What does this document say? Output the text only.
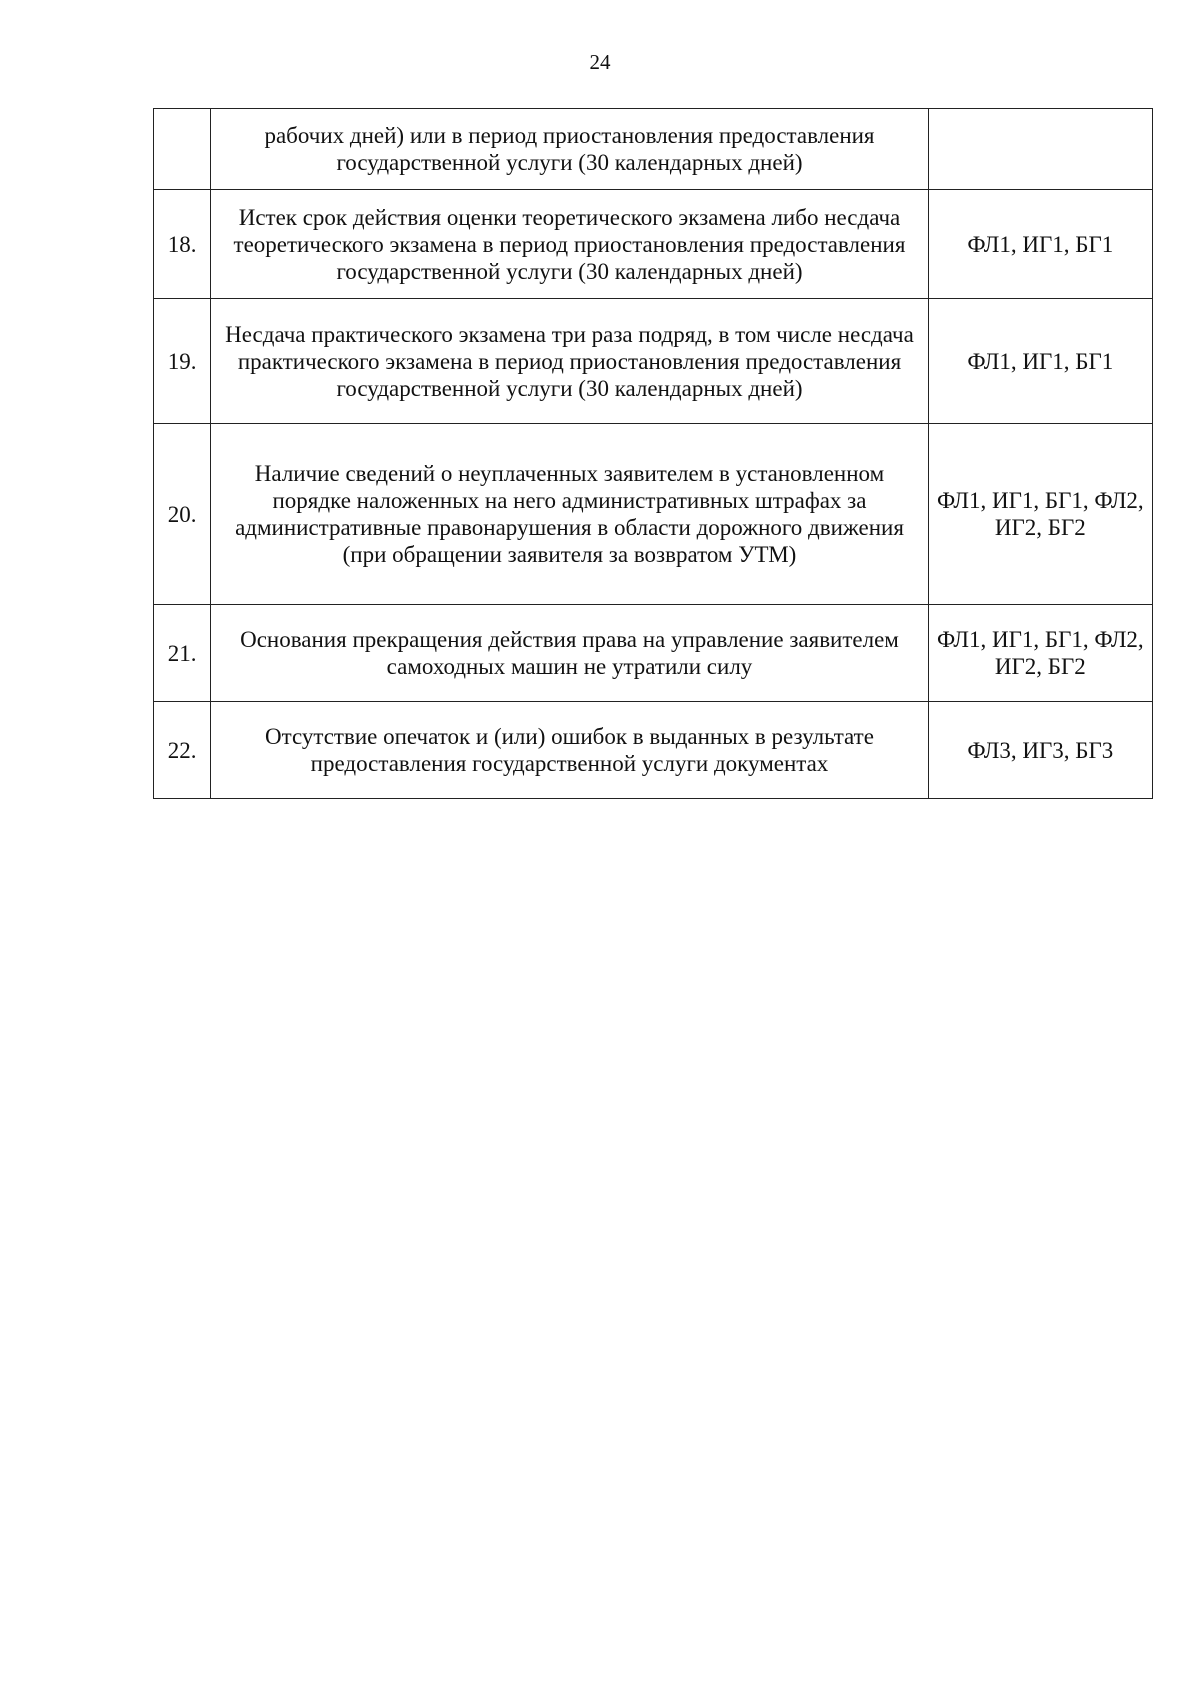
24
	рабочих дней) или в период приостановления предоставления государственной услуги (30 календарных дней)	
18.	Истек срок действия оценки теоретического экзамена либо несдача теоретического экзамена в период приостановления предоставления государственной услуги (30 календарных дней)	ФЛ1, ИГ1, БГ1
19.	Несдача практического экзамена три раза подряд, в том числе несдача практического экзамена в период приостановления предоставления государственной услуги (30 календарных дней)	ФЛ1, ИГ1, БГ1
20.	Наличие сведений о неуплаченных заявителем в установленном порядке наложенных на него административных штрафах за административные правонарушения в области дорожного движения (при обращении заявителя за возвратом УТМ)	ФЛ1, ИГ1, БГ1, ФЛ2, ИГ2, БГ2
21.	Основания прекращения действия права на управление заявителем самоходных машин не утратили силу	ФЛ1, ИГ1, БГ1, ФЛ2, ИГ2, БГ2
22.	Отсутствие опечаток и (или) ошибок в выданных в результате предоставления государственной услуги документах	ФЛ3, ИГ3, БГ3
